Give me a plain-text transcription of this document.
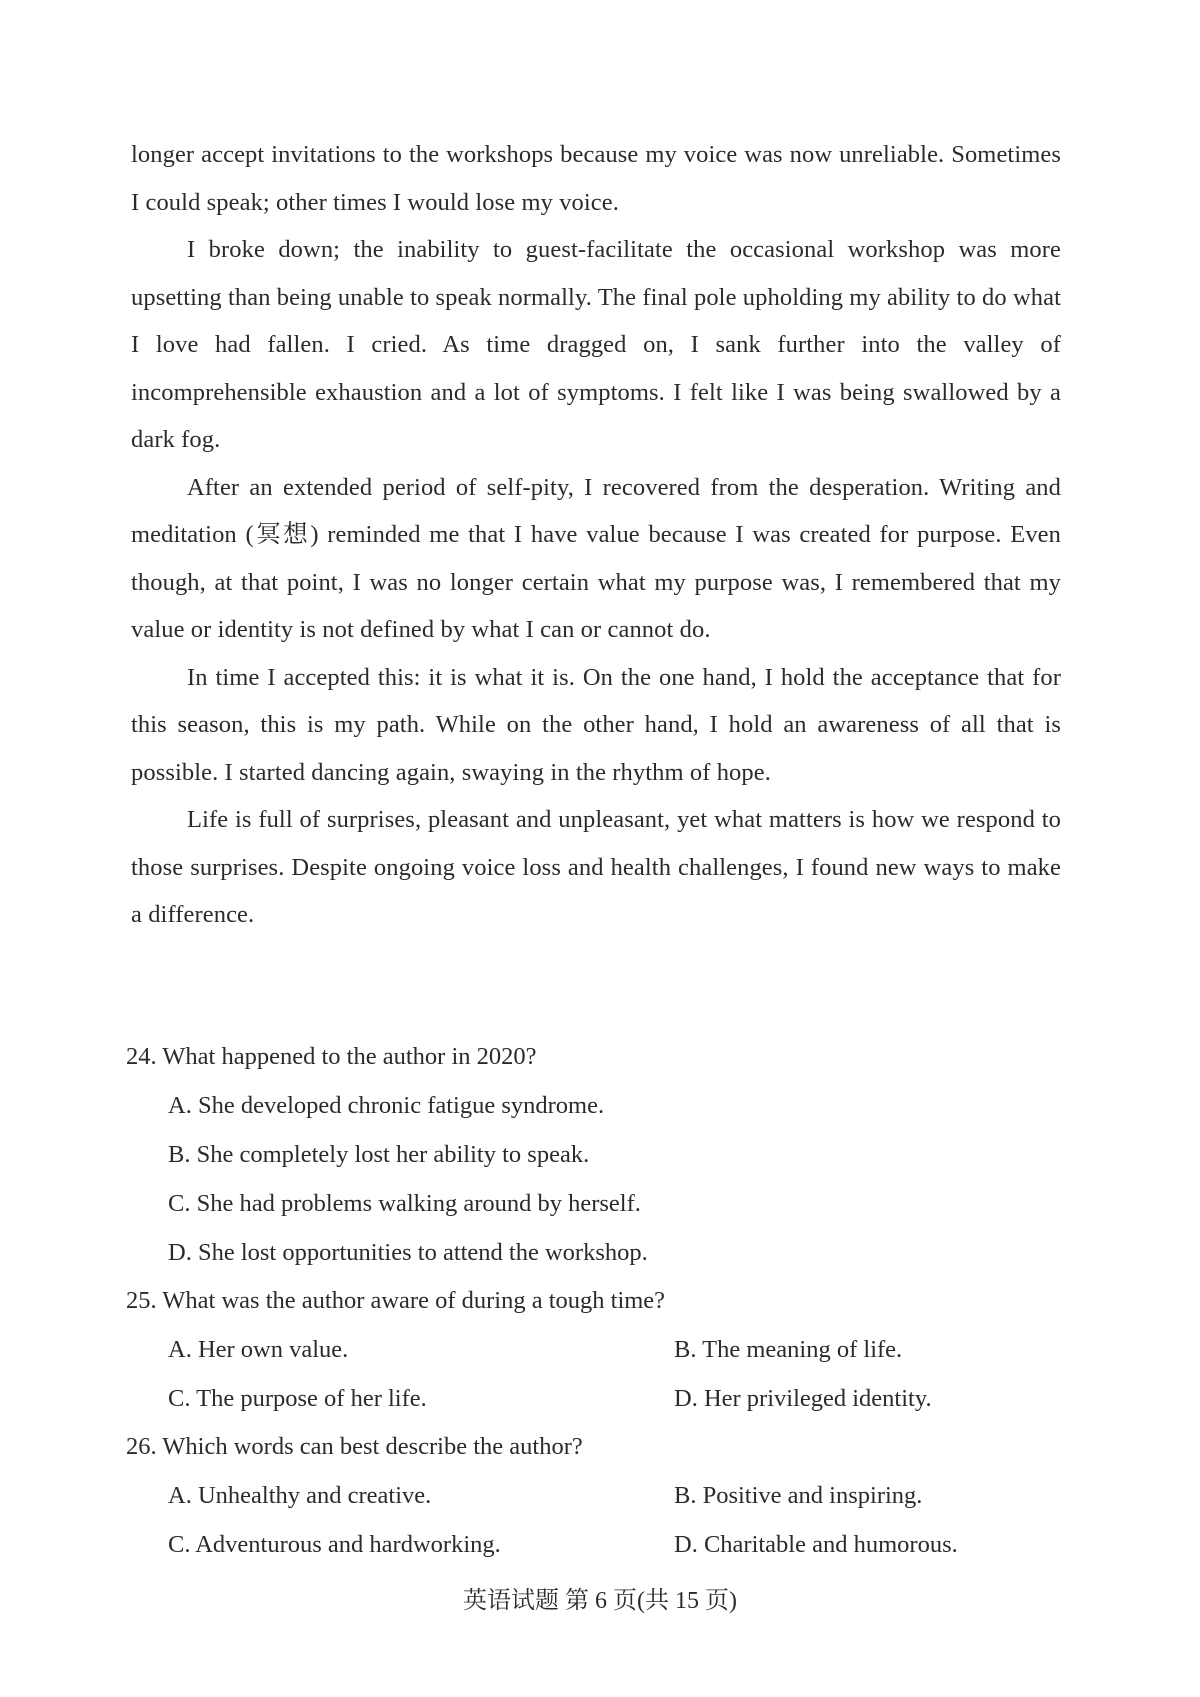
longer accept invitations to the workshops because my voice was now unreliable. Sometimes I could speak; other times I would lose my voice.

I broke down; the inability to guest-facilitate the occasional workshop was more upsetting than being unable to speak normally. The final pole upholding my ability to do what I love had fallen. I cried. As time dragged on, I sank further into the valley of incomprehensible exhaustion and a lot of symptoms. I felt like I was being swallowed by a dark fog.

After an extended period of self-pity, I recovered from the desperation. Writing and meditation (冥想) reminded me that I have value because I was created for purpose. Even though, at that point, I was no longer certain what my purpose was, I remembered that my value or identity is not defined by what I can or cannot do.

In time I accepted this: it is what it is. On the one hand, I hold the acceptance that for this season, this is my path. While on the other hand, I hold an awareness of all that is possible. I started dancing again, swaying in the rhythm of hope.

Life is full of surprises, pleasant and unpleasant, yet what matters is how we respond to those surprises. Despite ongoing voice loss and health challenges, I found new ways to make a difference.

24. What happened to the author in 2020?

A. She developed chronic fatigue syndrome.
B. She completely lost her ability to speak.
C. She had problems walking around by herself.
D. She lost opportunities to attend the workshop.

25. What was the author aware of during a tough time?

A. Her own value.	B. The meaning of life.
C. The purpose of her life.	D. Her privileged identity.

26. Which words can best describe the author?

A. Unhealthy and creative.	B. Positive and inspiring.
C. Adventurous and hardworking.	D. Charitable and humorous.
英语试题 第 6 页(共 15 页)
